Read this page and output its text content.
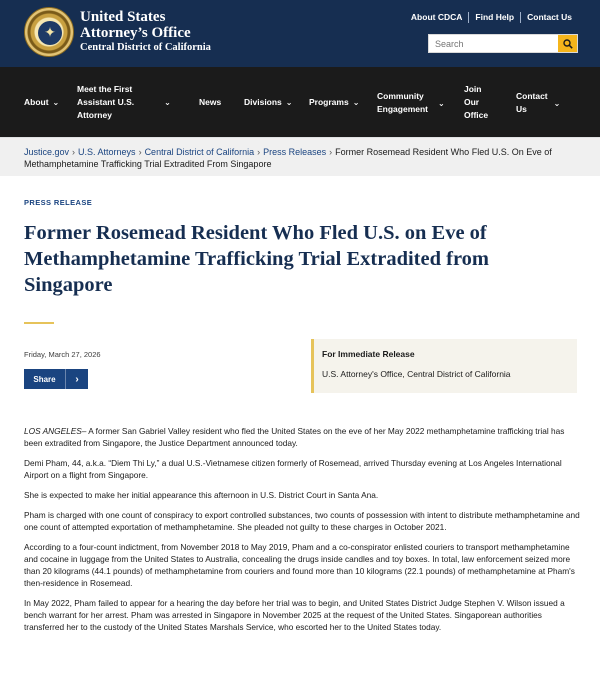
✦
United States
Attorney’s Office
Central District of California
About CDCA	Find Help	Contact Us
Search
About ⌄
Meet the First
Assistant U.S.
Attorney
⌄	News	Divisions ⌄ Programs ⌄
Community
Engagement
⌄
Join
Our
Office
Contact
Us
⌄
Justice.gov › U.S. Attorneys › Central District of California › Press Releases › Former Rosemead Resident Who Fled U.S. On Eve of Methamphetamine Trafficking Trial Extradited From Singapore
PRESS RELEASE
Former Rosemead Resident Who Fled U.S. on Eve of Methamphetamine Trafficking Trial Extradited from Singapore
Friday, March 27, 2026
Share	›
For Immediate Release
U.S. Attorney's Office, Central District of California

LOS ANGELES– A former San Gabriel Valley resident who fled the United States on the eve of her May 2022 methamphetamine trafficking trial has been extradited from Singapore, the Justice Department announced today.

Demi Pham, 44, a.k.a. “Diem Thi Ly,” a dual U.S.-Vietnamese citizen formerly of Rosemead, arrived Thursday evening at Los Angeles International Airport on a flight from Singapore.

She is expected to make her initial appearance this afternoon in U.S. District Court in Santa Ana.

Pham is charged with one count of conspiracy to export controlled substances, two counts of possession with intent to distribute methamphetamine and one count of attempted exportation of methamphetamine. She pleaded not guilty to these charges in October 2021.

According to a four-count indictment, from November 2018 to May 2019, Pham and a co-conspirator enlisted couriers to transport methamphetamine and cocaine in luggage from the United States to Australia, concealing the drugs inside candles and toy boxes. In total, law enforcement seized more than 20 kilograms (44.1 pounds) of methamphetamine from couriers and found more than 10 kilograms (22.1 pounds) of methamphetamine at Pham's then-residence in Rosemead.

In May 2022, Pham failed to appear for a hearing the day before her trial was to begin, and United States District Judge Stephen V. Wilson issued a bench warrant for her arrest. Pham was arrested in Singapore in November 2025 at the request of the United States. Singaporean authorities transferred her to the custody of the United States Marshals Service, who escorted her to the United States today.
